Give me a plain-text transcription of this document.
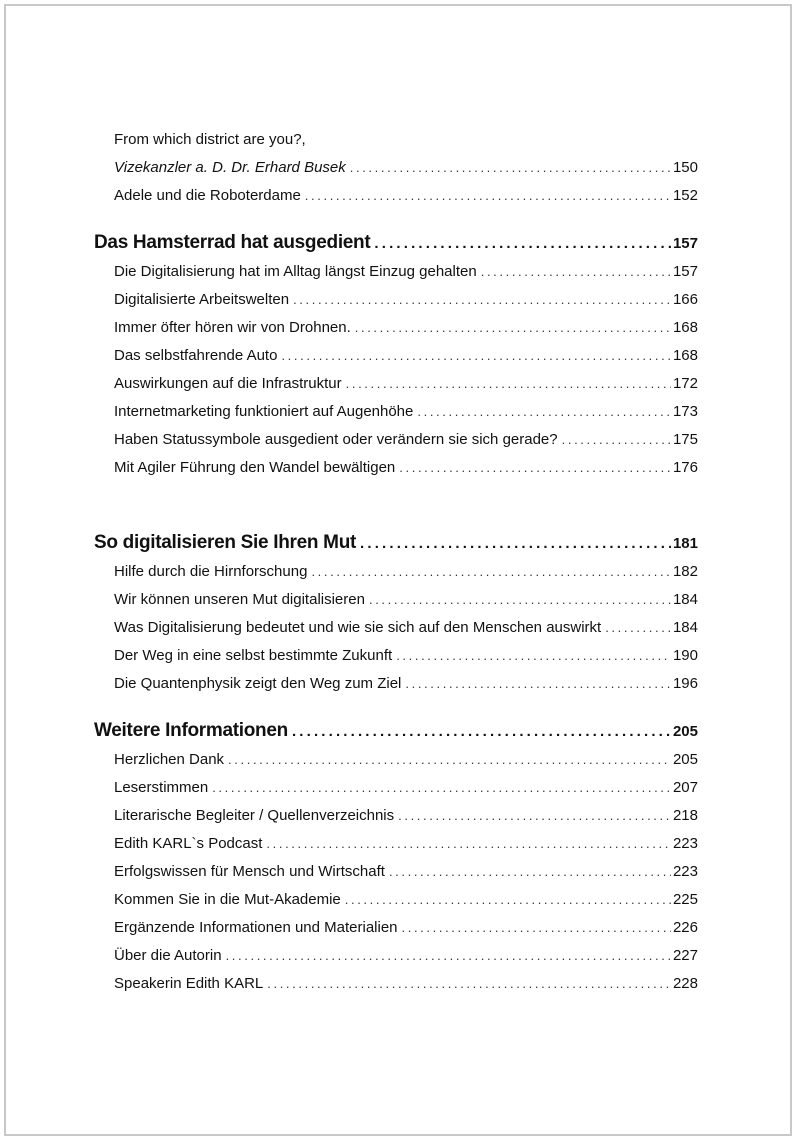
From which district are you?,
Vizekanzler a. D. Dr. Erhard Busek . . .	150
Adele und die Roboterdame . . .	152
Das Hamsterrad hat ausgedient . . .	157
Die Digitalisierung hat im Alltag längst Einzug gehalten . . .	157
Digitalisierte Arbeitswelten . . .	166
Immer öfter hören wir von Drohnen. . . .	168
Das selbstfahrende Auto . . .	168
Auswirkungen auf die Infrastruktur . . .	172
Internetmarketing funktioniert auf Augenhöhe . . .	173
Haben Statussymbole ausgedient oder verändern sie sich gerade? . . .	175
Mit Agiler Führung den Wandel bewältigen . . .	176
So digitalisieren Sie Ihren Mut . . .	181
Hilfe durch die Hirnforschung . . .	182
Wir können unseren Mut digitalisieren . . .	184
Was Digitalisierung bedeutet und wie sie sich auf den Menschen auswirkt . . .	184
Der Weg in eine selbst bestimmte Zukunft . . .	190
Die Quantenphysik zeigt den Weg zum Ziel . . .	196
Weitere Informationen . . .	205
Herzlichen Dank . . .	205
Leserstimmen . . .	207
Literarische Begleiter / Quellenverzeichnis . . .	218
Edith KARL`s Podcast . . .	223
Erfolgswissen für Mensch und Wirtschaft . . .	223
Kommen Sie in die Mut-Akademie . . .	225
Ergänzende Informationen und Materialien . . .	226
Über die Autorin . . .	227
Speakerin Edith KARL . . .	228
